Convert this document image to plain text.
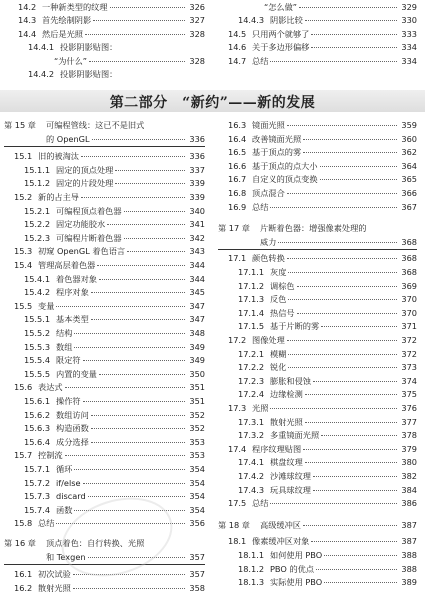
第二部分　“新约”——新的发展
14.2 一种新类型的纹理	326
14.3 首先绘制阴影	327
14.4 然后是光照	328
14.4.1 投影阴影贴图：
“为什么”	328
14.4.2 投影阴影贴图：
“怎么做”	329
14.4.3 阴影比较	330
14.5 只用两个就够了	333
14.6 关于多边形偏移	334
14.7 总结	334
第 15 章 可编程管线：这已不是旧式
的 OpenGL	336
15.1 旧的被淘汰	336
15.1.1 固定的顶点处理	337
15.1.2 固定的片段处理	339
15.2 新的占主导	339
15.2.1 可编程顶点着色器	340
15.2.2 固定功能胶水	341
15.2.3 可编程片断着色器	342
15.3 初窥 OpenGL 着色语言	343
15.4 管理高层着色器	344
15.4.1 着色器对象	344
15.4.2 程序对象	345
15.5 变量	347
15.5.1 基本类型	347
15.5.2 结构	348
15.5.3 数组	349
15.5.4 限定符	349
15.5.5 内置的变量	350
15.6 表达式	351
15.6.1 操作符	351
15.6.2 数组访问	352
15.6.3 构造函数	352
15.6.4 成分选择	353
15.7 控制流	353
15.7.1 循环	354
15.7.2 if/else	354
15.7.3 discard	354
15.7.4 函数	354
15.8 总结	356
第 16 章 顶点着色：自行转换、光照
和 Texgen	357
16.1 初次试验	357
16.2 散射光照	358
16.3 镜面光照	359
16.4 改善镜面光照	360
16.5 基于顶点的雾	362
16.6 基于顶点的点大小	364
16.7 自定义的顶点变换	365
16.8 顶点混合	366
16.9 总结	367
第 17 章 片断着色器：增强像素处理的
威力	368
17.1 颜色转换	368
17.1.1 灰度	368
17.1.2 调棕色	369
17.1.3 反色	370
17.1.4 热信号	370
17.1.5 基于片断的雾	371
17.2 图像处理	372
17.2.1 模糊	372
17.2.2 锐化	373
17.2.3 膨胀和侵蚀	374
17.2.4 边缘检测	375
17.3 光照	376
17.3.1 散射光照	377
17.3.2 多重镜面光照	378
17.4 程序纹理贴图	379
17.4.1 棋盘纹理	380
17.4.2 沙滩球纹理	382
17.4.3 玩具球纹理	384
17.5 总结	386
第 18 章	高级缓冲区	387
18.1 像素缓冲区对象	387
18.1.1 如何使用 PBO	388
18.1.2 PBO 的优点	388
18.1.3 实际使用 PBO	389
